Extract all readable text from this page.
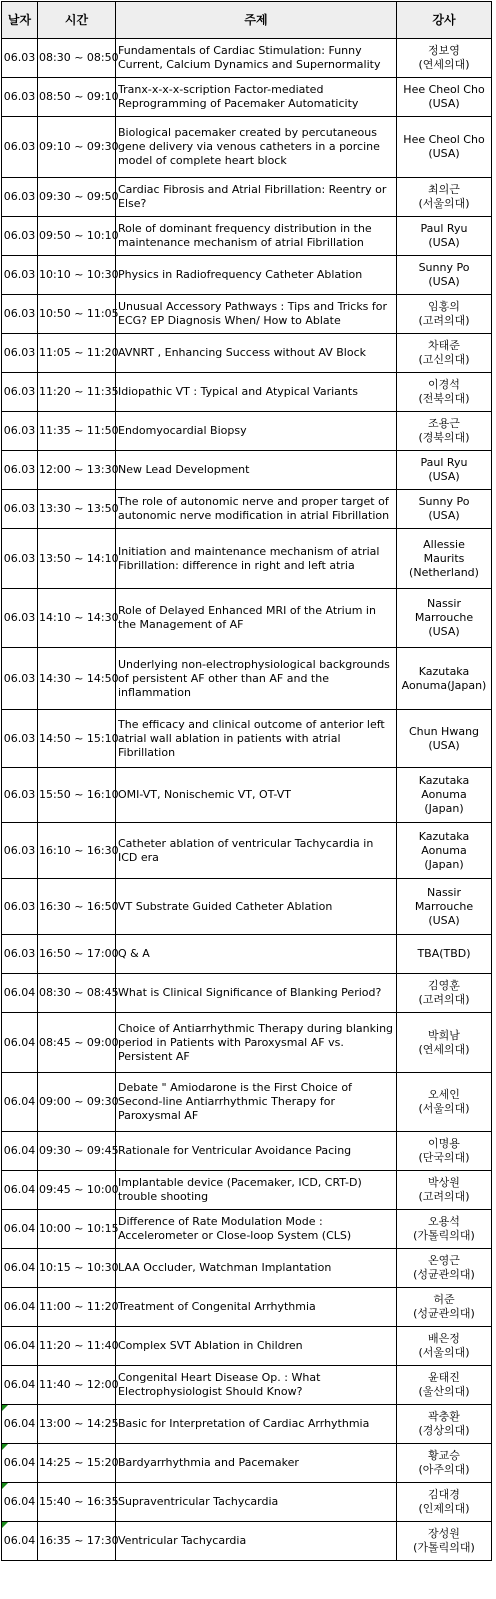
날자	시간	주제	강사
06.03	08:30 ~ 08:50	Fundamentals of Cardiac Stimulation: Funny Current, Calcium Dynamics and Supernormality	정보영
(연세의대)
06.03	08:50 ~ 09:10	Tranx-x-x-x-scription Factor-mediated Reprogramming of Pacemaker Automaticity	Hee Cheol Cho
(USA)
06.03	09:10 ~ 09:30	Biological pacemaker created by percutaneous gene delivery via venous catheters in a porcine model of complete heart block	Hee Cheol Cho
(USA)
06.03	09:30 ~ 09:50	Cardiac Fibrosis and Atrial Fibrillation: Reentry or Else?	최의근
(서울의대)
06.03	09:50 ~ 10:10	Role of dominant frequency distribution in the maintenance mechanism of atrial Fibrillation	Paul Ryu
(USA)
06.03	10:10 ~ 10:30	Physics in Radiofrequency Catheter Ablation	Sunny Po
(USA)
06.03	10:50 ~ 11:05	Unusual Accessory Pathways : Tips and Tricks for ECG? EP Diagnosis When/ How to Ablate	임홍의
(고려의대)
06.03	11:05 ~ 11:20	AVNRT , Enhancing Success without AV Block	차태준
(고신의대)
06.03	11:20 ~ 11:35	Idiopathic VT : Typical and Atypical Variants	이경석
(전북의대)
06.03	11:35 ~ 11:50	Endomyocardial Biopsy	조용근
(경북의대)
06.03	12:00 ~ 13:30	New Lead Development	Paul Ryu
(USA)
06.03	13:30 ~ 13:50	The role of autonomic nerve and proper target of autonomic nerve modification in atrial Fibrillation	Sunny Po
(USA)
06.03	13:50 ~ 14:10	Initiation and maintenance mechanism of atrial Fibrillation: difference in right and left atria	Allessie
Maurits
(Netherland)
06.03	14:10 ~ 14:30	Role of Delayed Enhanced MRI of the Atrium in the Management of AF	Nassir
Marrouche
(USA)
06.03	14:30 ~ 14:50	Underlying non-electrophysiological backgrounds of persistent AF other than AF and the inflammation	Kazutaka
Aonuma(Japan)
06.03	14:50 ~ 15:10	The efficacy and clinical outcome of anterior left atrial wall ablation in patients with atrial Fibrillation	Chun Hwang
(USA)
06.03	15:50 ~ 16:10	OMI-VT, Nonischemic VT, OT-VT	Kazutaka
Aonuma
(Japan)
06.03	16:10 ~ 16:30	Catheter ablation of ventricular Tachycardia in ICD era	Kazutaka
Aonuma
(Japan)
06.03	16:30 ~ 16:50	VT Substrate Guided Catheter Ablation	Nassir
Marrouche
(USA)
06.03	16:50 ~ 17:00	Q & A	TBA(TBD)
06.04	08:30 ~ 08:45	What is Clinical Significance of Blanking Period?	김영훈
(고려의대)
06.04	08:45 ~ 09:00	Choice of Antiarrhythmic Therapy during blanking period in Patients with Paroxysmal AF vs. Persistent AF	박희남
(연세의대)
06.04	09:00 ~ 09:30	Debate " Amiodarone is the First Choice of Second-line Antiarrhythmic Therapy for Paroxysmal AF	오세인
(서울의대)
06.04	09:30 ~ 09:45	Rationale for Ventricular Avoidance Pacing	이명용
(단국의대)
06.04	09:45 ~ 10:00	Implantable device (Pacemaker, ICD, CRT-D) trouble shooting	박상원
(고려의대)
06.04	10:00 ~ 10:15	Difference of Rate Modulation Mode : Accelerometer or Close-loop System (CLS)	오용석
(가톨릭의대)
06.04	10:15 ~ 10:30	LAA Occluder, Watchman Implantation	온영근
(성균관의대)
06.04	11:00 ~ 11:20	Treatment of Congenital Arrhythmia	허준
(성균관의대)
06.04	11:20 ~ 11:40	Complex SVT Ablation in Children	배은정
(서울의대)
06.04	11:40 ~ 12:00	Congenital Heart Disease Op. : What Electrophysiologist Should Know?	윤태진
(울산의대)
06.04	13:00 ~ 14:25	Basic for Interpretation of Cardiac Arrhythmia	곽충환
(경상의대)
06.04	14:25 ~ 15:20	Bardyarrhythmia and Pacemaker	황교승
(아주의대)
06.04	15:40 ~ 16:35	Supraventricular Tachycardia	김대경
(인제의대)
06.04	16:35 ~ 17:30	Ventricular Tachycardia	장성원
(가톨릭의대)
